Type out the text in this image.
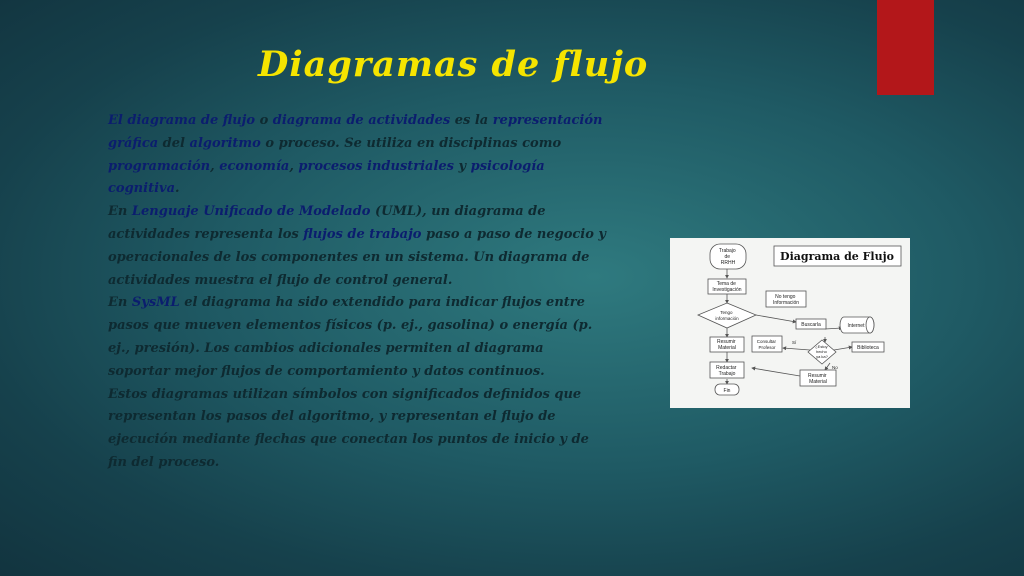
Diagramas de flujo

El diagrama de flujo o diagrama de actividades es la representación gráfica del algoritmo o proceso. Se utiliza en disciplinas como programación, economía, procesos industriales y psicología cognitiva.

En Lenguaje Unificado de Modelado (UML), un diagrama de actividades representa los flujos de trabajo paso a paso de negocio y operacionales de los componentes en un sistema. Un diagrama de actividades muestra el flujo de control general.

En SysML el diagrama ha sido extendido para indicar flujos entre pasos que mueven elementos físicos (p. ej., gasolina) o energía (p. ej., presión). Los cambios adicionales permiten al diagrama soportar mejor flujos de comportamiento y datos continuos.

Estos diagramas utilizan símbolos con significados definidos que representan los pasos del algoritmo, y representan el flujo de ejecución mediante flechas que conectan los puntos de inicio y de fin del proceso.

Diagrama de Flujo
Trabajo de RRHH
Tema de Investigación
Tengo información
No tengo Información
Buscarla	Internet
Resumir Material
Consultar Profesor	¿Estoy hecho ya ka?
Biblioteca
Redactar Trabajo	Resumir Material
Fin
Sí
No
